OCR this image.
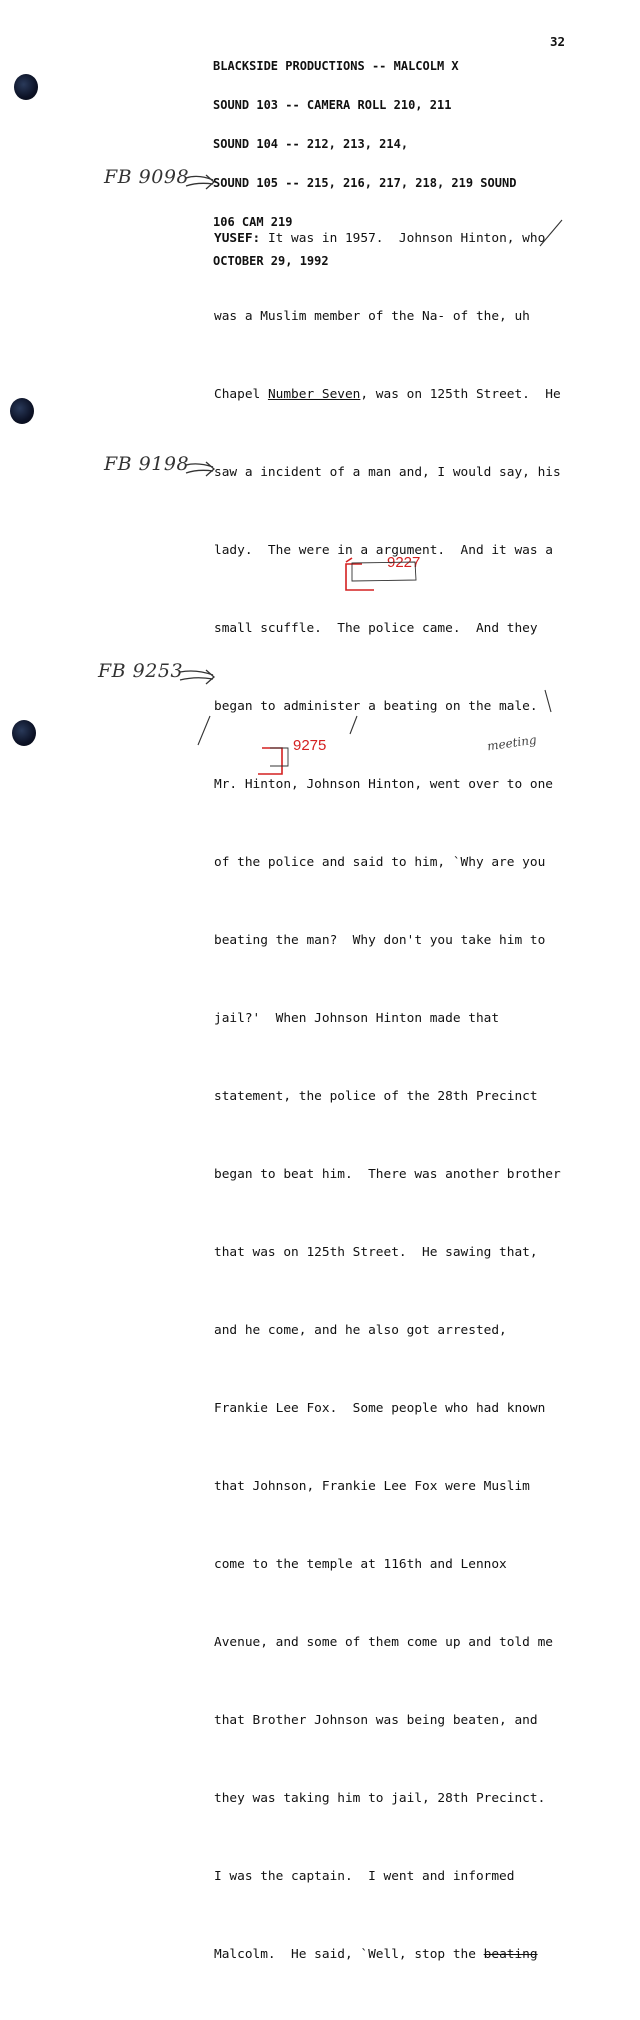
BLACKSIDE PRODUCTIONS -- MALCOLM X

SOUND 103 -- CAMERA ROLL 210, 211

SOUND 104 -- 212, 213, 214,

SOUND 105 -- 215, 216, 217, 218, 219 SOUND

106 CAM 219

OCTOBER 29, 1992

32

YUSEF: It was in 1957.  Johnson Hinton, who

was a Muslim member of the Na- of the, uh

Chapel Number Seven, was on 125th Street.  He

saw a incident of a man and, I would say, his

lady.  The were in a argument.  And it was a

small scuffle.  The police came.  And they

began to administer a beating on the male.

Mr. Hinton, Johnson Hinton, went over to one

of the police and said to him, `Why are you

beating the man?  Why don't you take him to

jail?'  When Johnson Hinton made that

statement, the police of the 28th Precinct

began to beat him.  There was another brother

that was on 125th Street.  He sawing that,

and he come, and he also got arrested,

Frankie Lee Fox.  Some people who had known

that Johnson, Frankie Lee Fox were Muslim

come to the temple at 116th and Lennox

Avenue, and some of them come up and told me

that Brother Johnson was being beaten, and

they was taking him to jail, 28th Precinct.

I was the captain.  I went and informed

Malcolm.  He said, `Well, stop the beating

FB 9098
FB 9198
FB 9253
9227
9275	meeting
